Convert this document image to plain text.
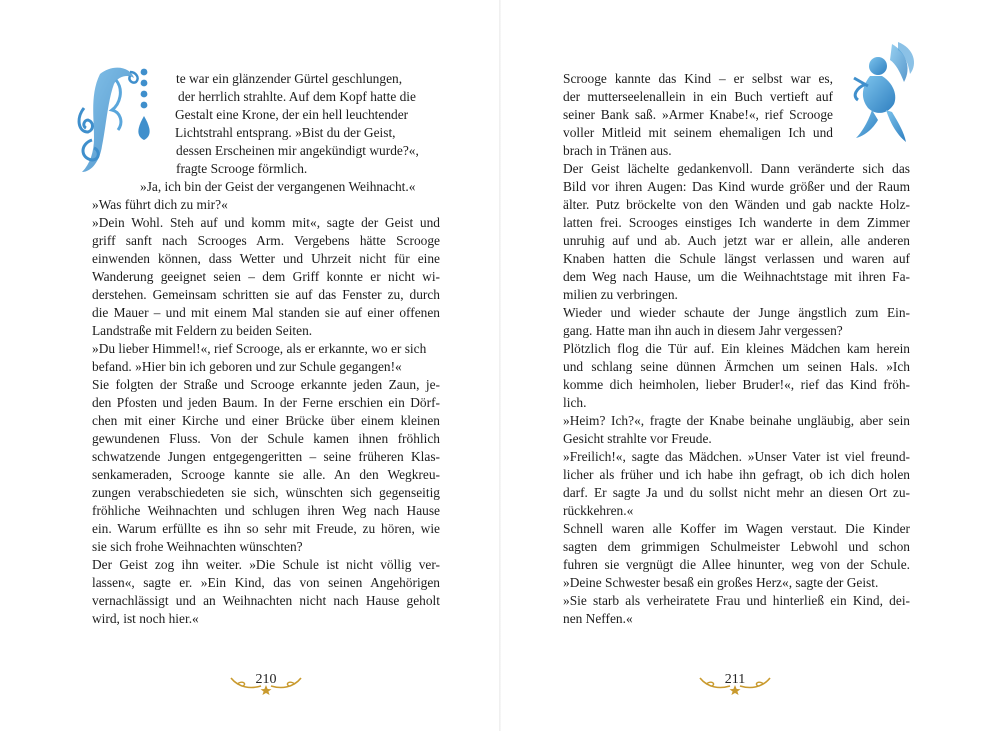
te war ein glänzender Gürtel geschlungen,
der herrlich strahlte. Auf dem Kopf hatte die
Gestalt eine Krone, der ein hell leuchtender
Lichtstrahl entsprang. »Bist du der Geist,
dessen Erscheinen mir angekündigt wurde?«,
fragte Scrooge förmlich.
»Ja, ich bin der Geist der vergangenen Weihnacht.«
»Was führt dich zu mir?«
»Dein Wohl. Steh auf und komm mit«, sagte der Geist und
griff sanft nach Scrooges Arm. Vergebens hätte Scrooge
einwenden können, dass Wetter und Uhrzeit nicht für eine
Wanderung geeignet seien – dem Griff konnte er nicht wi-
derstehen. Gemeinsam schritten sie auf das Fenster zu, durch
die Mauer – und mit einem Mal standen sie auf einer offenen
Landstraße mit Feldern zu beiden Seiten.
»Du lieber Himmel!«, rief Scrooge, als er erkannte, wo er sich
befand. »Hier bin ich geboren und zur Schule gegangen!«
Sie folgten der Straße und Scrooge erkannte jeden Zaun, je-
den Pfosten und jeden Baum. In der Ferne erschien ein Dörf-
chen mit einer Kirche und einer Brücke über einem kleinen
gewundenen Fluss. Von der Schule kamen ihnen fröhlich
schwatzende Jungen entgegengeritten – seine früheren Klas-
senkameraden, Scrooge kannte sie alle. An den Wegkreu-
zungen verabschiedeten sie sich, wünschten sich gegenseitig
fröhliche Weihnachten und schlugen ihren Weg nach Hause
ein. Warum erfüllte es ihn so sehr mit Freude, zu hören, wie
sie sich frohe Weihnachten wünschten?
Der Geist zog ihn weiter. »Die Schule ist nicht völlig ver-
lassen«, sagte er. »Ein Kind, das von seinen Angehörigen
vernachlässigt und an Weihnachten nicht nach Hause geholt
wird, ist noch hier.«
210
Scrooge kannte das Kind – er selbst war es,
der mutterseelenallein in ein Buch vertieft auf
seiner Bank saß. »Armer Knabe!«, rief Scrooge
voller Mitleid mit seinem ehemaligen Ich und
brach in Tränen aus.
Der Geist lächelte gedankenvoll. Dann veränderte sich das
Bild vor ihren Augen: Das Kind wurde größer und der Raum
älter. Putz bröckelte von den Wänden und gab nackte Holz-
latten frei. Scrooges einstiges Ich wanderte in dem Zimmer
unruhig auf und ab. Auch jetzt war er allein, alle anderen
Knaben hatten die Schule längst verlassen und waren auf
dem Weg nach Hause, um die Weihnachtstage mit ihren Fa-
milien zu verbringen.
Wieder und wieder schaute der Junge ängstlich zum Ein-
gang. Hatte man ihn auch in diesem Jahr vergessen?
Plötzlich flog die Tür auf. Ein kleines Mädchen kam herein
und schlang seine dünnen Ärmchen um seinen Hals. »Ich
komme dich heimholen, lieber Bruder!«, rief das Kind fröh-
lich.
»Heim? Ich?«, fragte der Knabe beinahe ungläubig, aber sein
Gesicht strahlte vor Freude.
»Freilich!«, sagte das Mädchen. »Unser Vater ist viel freund-
licher als früher und ich habe ihn gefragt, ob ich dich holen
darf. Er sagte Ja und du sollst nicht mehr an diesen Ort zu-
rückkehren.«
Schnell waren alle Koffer im Wagen verstaut. Die Kinder
sagten dem grimmigen Schulmeister Lebwohl und schon
fuhren sie vergnügt die Allee hinunter, weg von der Schule.
»Deine Schwester besaß ein großes Herz«, sagte der Geist.
»Sie starb als verheiratete Frau und hinterließ ein Kind, dei-
nen Neffen.«
211
